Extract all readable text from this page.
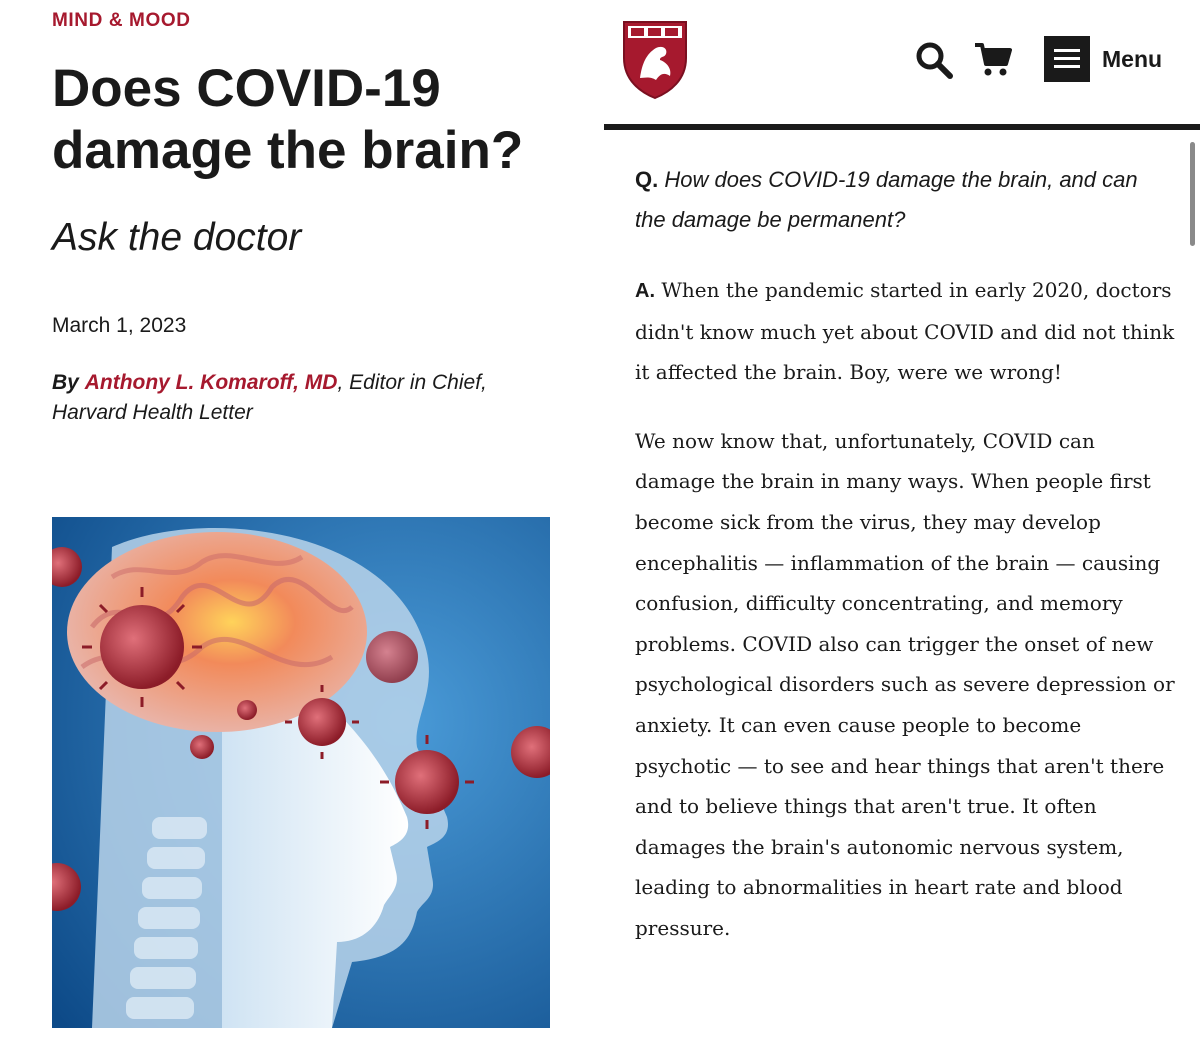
MIND & MOOD
Does COVID-19 damage the brain?
Ask the doctor
March 1, 2023
By Anthony L. Komaroff, MD, Editor in Chief,
Harvard Health Letter
Menu
Q. How does COVID-19 damage the brain, and can the damage be permanent?

A. When the pandemic started in early 2020, doctors didn't know much yet about COVID and did not think it affected the brain. Boy, were we wrong!

We now know that, unfortunately, COVID can damage the brain in many ways. When people first become sick from the virus, they may develop encephalitis — inflammation of the brain — causing confusion, difficulty concentrating, and memory problems. COVID also can trigger the onset of new psychological disorders such as severe depression or anxiety. It can even cause people to become psychotic — to see and hear things that aren't there and to believe things that aren't true. It often damages the brain's autonomic nervous system, leading to abnormalities in heart rate and blood pressure.
